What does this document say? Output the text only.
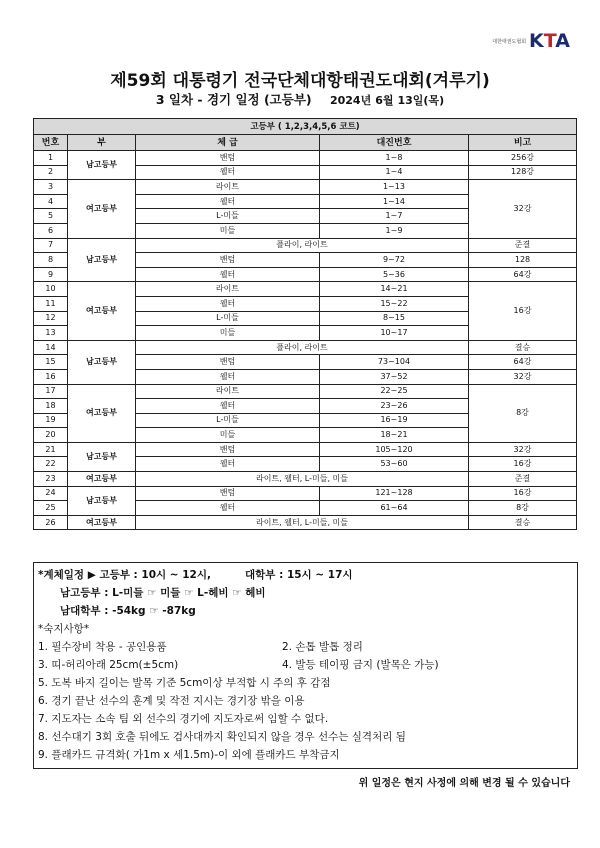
대한태권도협회 KTA
제59회 대통령기 전국단체대항태권도대회(겨루기)
3 일차 - 경기 일정 (고등부) 2024년 6월 13일(목)
고등부 ( 1,2,3,4,5,6 코트)				
번호	부	체 급	대진번호	비고
1	남고등부	밴텀	1~8	256강
2		웰터	1~4	128강
3	여고등부	라이트	1~13	32강
4		웰터	1~14	
5		L-미들	1~7	
6		미들	1~9	
7	남고등부	플라이, 라이트		준결
8		밴텀	9~72	128
9		웰터	5~36	64강
10	여고등부	라이트	14~21	16강
11		웰터	15~22	
12		L-미들	8~15	
13		미들	10~17	
14	남고등부	플라이, 라이트		결승
15		밴텀	73~104	64강
16		웰터	37~52	32강
17	여고등부	라이트	22~25	8강
18		웰터	23~26	
19		L-미들	16~19	
20		미들	18~21	
21	남고등부	밴텀	105~120	32강
22		웰터	53~60	16강
23	여고등부	라이트, 웰터, L-미들, 미들		준결
24	남고등부	밴텀	121~128	16강
25		웰터	61~64	8강
26	여고등부	라이트, 웰터, L-미들, 미들		결승
*계체일정 ▶ 고등부 : 10시 ~ 12시,	대학부 : 15시 ~ 17시
남고등부 : L-미들 ☞ 미들 ☞ L-헤비 ☞ 헤비
남대학부 : -54kg ☞ -87kg
*숙지사항*
1. 필수장비 착용 - 공인용품	2. 손톱 발톱 정리
3. 띠-허리아래 25cm(±5cm)	4. 발등 테이핑 금지 (발목은 가능)
5. 도복 바지 길이는 발목 기준 5cm이상 부적합 시 주의 후 감점
6. 경기 끝난 선수의 훈계 및 작전 지시는 경기장 밖을 이용
7. 지도자는 소속 팀 외 선수의 경기에 지도자로써 임할 수 없다.
8. 선수대기 3회 호출 뒤에도 검사대까지 확인되지 않을 경우 선수는 실격처리 됨
9. 플래카드 규격화( 가1m x 세1.5m)-이 외에 플래카드 부착금지
위 일정은 현지 사정에 의해 변경 될 수 있습니다
